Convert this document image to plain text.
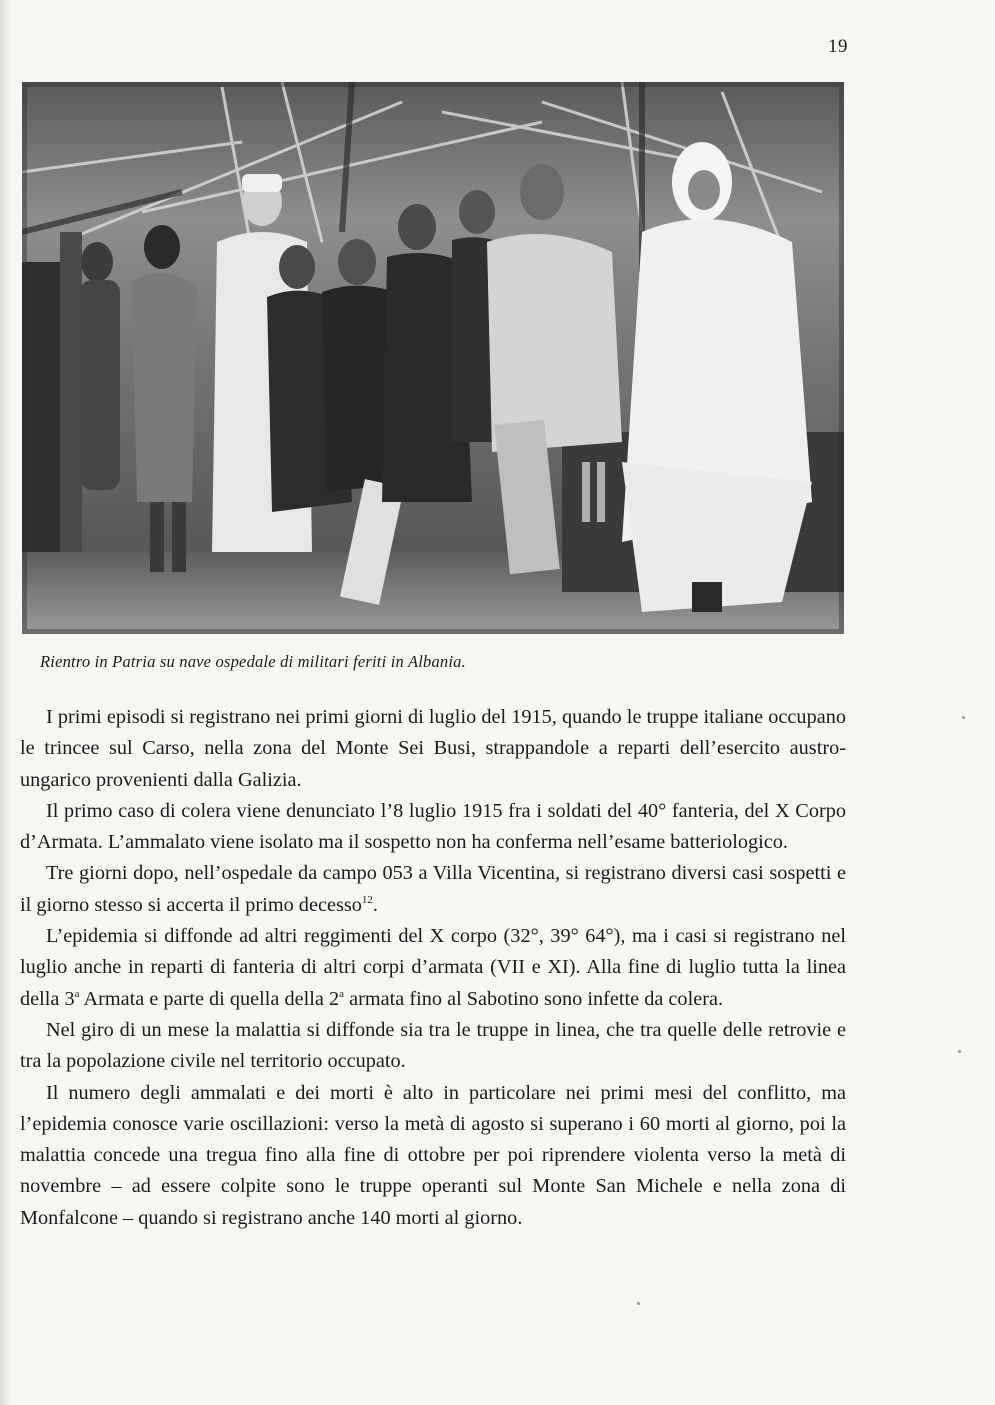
19
Rientro in Patria su nave ospedale di militari feriti in Albania.

I primi episodi si registrano nei primi giorni di luglio del 1915, quando le truppe italiane occupano le trincee sul Carso, nella zona del Monte Sei Busi, strappandole a reparti dell’esercito austro-ungarico provenienti dalla Galizia.

Il primo caso di colera viene denunciato l’8 luglio 1915 fra i soldati del 40° fanteria, del X Corpo d’Armata. L’ammalato viene isolato ma il sospetto non ha conferma nell’esame batteriologico.

Tre giorni dopo, nell’ospedale da campo 053 a Villa Vicentina, si registrano diversi casi sospetti e il giorno stesso si accerta il primo decesso$^{12}$.

L’epidemia si diffonde ad altri reggimenti del X corpo (32°, 39° 64°), ma i casi si registrano nel luglio anche in reparti di fanteria di altri corpi d’armata (VII e XI). Alla fine di luglio tutta la linea della 3$^a$ Armata e parte di quella della 2$^a$ armata fino al Sabotino sono infette da colera.

Nel giro di un mese la malattia si diffonde sia tra le truppe in linea, che tra quelle delle retrovie e tra la popolazione civile nel territorio occupato.

Il numero degli ammalati e dei morti è alto in particolare nei primi mesi del conflitto, ma l’epidemia conosce varie oscillazioni: verso la metà di agosto si superano i 60 morti al giorno, poi la malattia concede una tregua fino alla fine di ottobre per poi riprendere violenta verso la metà di novembre – ad essere colpite sono le truppe operanti sul Monte San Michele e nella zona di Monfalcone – quando si registrano anche 140 morti al giorno.
